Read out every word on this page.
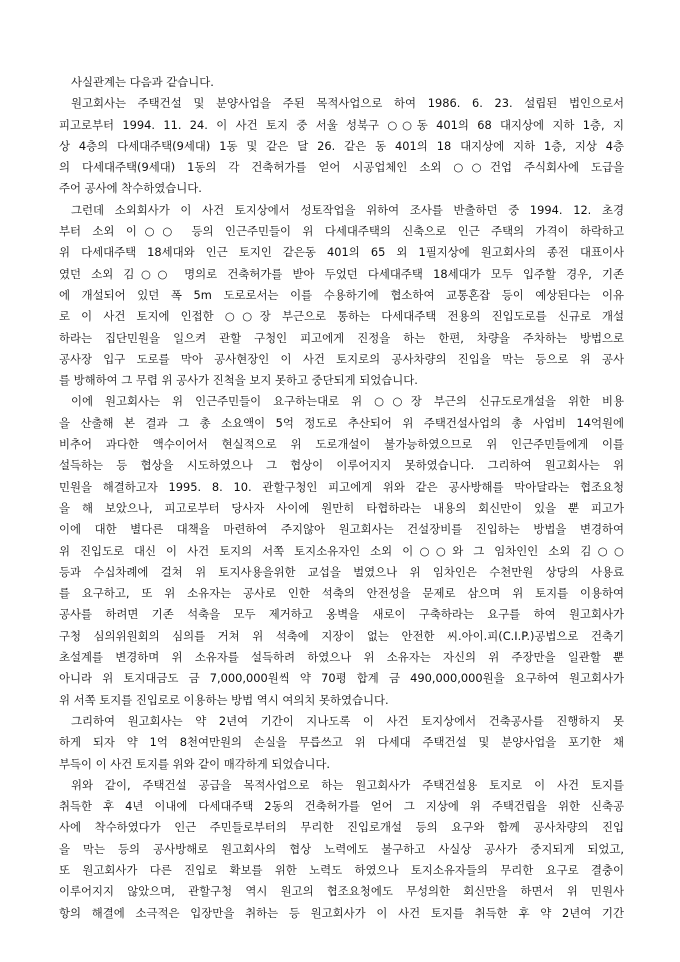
사실관계는 다음과 같습니다.
원고회사는 주택건설 및 분양사업을 주된 목적사업으로 하여 1986. 6. 23. 설립된 법인으로서
피고로부터 1994. 11. 24. 이 사건 토지 중 서울 성북구 ○○동 401의 68 대지상에 지하 1층, 지
상 4층의 다세대주택(9세대) 1동 및 같은 달 26. 같은 동 401의 18 대지상에 지하 1층, 지상 4층
의 다세대주택(9세대) 1동의 각 건축허가를 얻어 시공업체인 소외 ○○건업 주식회사에 도급을
주어 공사에 착수하였습니다.
그런데 소외회사가 이 사건 토지상에서 성토작업을 위하여 조사를 반출하던 중 1994. 12. 초경
부터 소외 이○○ 등의 인근주민들이 위 다세대주택의 신축으로 인근 주택의 가격이 하락하고
위 다세대주택 18세대와 인근 토지인 같은동 401의 65 외 1필지상에 원고회사의 종전 대표이사
였던 소외 김○○ 명의로 건축허가를 받아 두었던 다세대주택 18세대가 모두 입주할 경우, 기존
에 개설되어 있던 폭 5m 도로로서는 이를 수용하기에 협소하여 교통혼잡 등이 예상된다는 이유
로 이 사건 토지에 인접한 ○○장 부근으로 통하는 다세대주택 전용의 진입도로를 신규로 개설
하라는 집단민원을 일으켜 관할 구청인 피고에게 진정을 하는 한편, 차량을 주차하는 방법으로
공사장 입구 도로를 막아 공사현장인 이 사건 토지로의 공사차량의 진입을 막는 등으로 위 공사
를 방해하여 그 무렵 위 공사가 진척을 보지 못하고 중단되게 되었습니다.
이에 원고회사는 위 인근주민들이 요구하는대로 위 ○○장 부근의 신규도로개설을 위한 비용
을 산출해 본 결과 그 총 소요액이 5억 정도로 추산되어 위 주택건설사업의 총 사업비 14억원에
비추어 과다한 액수이어서 현실적으로 위 도로개설이 불가능하였으므로 위 인근주민들에게 이를
설득하는 등 협상을 시도하였으나 그 협상이 이루어지지 못하였습니다. 그리하여 원고회사는 위
민원을 해결하고자 1995. 8. 10. 관할구청인 피고에게 위와 같은 공사방해를 막아달라는 협조요청
을 해 보았으나, 피고로부터 당사자 사이에 원만히 타협하라는 내용의 회신만이 있을 뿐 피고가
이에 대한 별다른 대책을 마련하여 주지않아 원고회사는 건설장비를 진입하는 방법을 변경하여
위 진입도로 대신 이 사건 토지의 서쪽 토지소유자인 소외 이○○와 그 임차인인 소외 김○○
등과 수십차례에 걸쳐 위 토지사용을위한 교섭을 벌였으나 위 임차인은 수천만원 상당의 사용료
를 요구하고, 또 위 소유자는 공사로 인한 석축의 안전성을 문제로 삼으며 위 토지를 이용하여
공사를 하려면 기존 석축을 모두 제거하고 옹벽을 새로이 구축하라는 요구를 하여 원고회사가
구청 심의위원회의 심의를 거쳐 위 석축에 지장이 없는 안전한 씨.아이.피(C.I.P.)공법으로 건축기
초설계를 변경하며 위 소유자를 설득하려 하였으나 위 소유자는 자신의 위 주장만을 일관할 뿐
아니라 위 토지대금도 금 7,000,000원씩 약 70평 합계 금 490,000,000원을 요구하여 원고회사가
위 서쪽 토지를 진입로로 이용하는 방법 역시 여의치 못하였습니다.
그리하여 원고회사는 약 2년여 기간이 지나도록 이 사건 토지상에서 건축공사를 진행하지 못
하게 되자 약 1억 8천여만원의 손실을 무릅쓰고 위 다세대 주택건설 및 분양사업을 포기한 채
부득이 이 사건 토지를 위와 같이 매각하게 되었습니다.
위와 같이, 주택건설 공급을 목적사업으로 하는 원고회사가 주택건설용 토지로 이 사건 토지를
취득한 후 4년 이내에 다세대주택 2동의 건축허가를 얻어 그 지상에 위 주택건립을 위한 신축공
사에 착수하였다가 인근 주민들로부터의 무리한 진입로개설 등의 요구와 함께 공사차량의 진입
을 막는 등의 공사방해로 원고회사의 협상 노력에도 불구하고 사실상 공사가 중지되게 되었고,
또 원고회사가 다른 진입로 확보를 위한 노력도 하였으나 토지소유자들의 무리한 요구로 결충이
이루어지지 않았으며, 관할구청 역시 원고의 협조요청에도 무성의한 회신만을 하면서 위 민원사
항의 해결에 소극적은 입장만을 취하는 등 원고회사가 이 사건 토지를 취득한 후 약 2년여 기간
